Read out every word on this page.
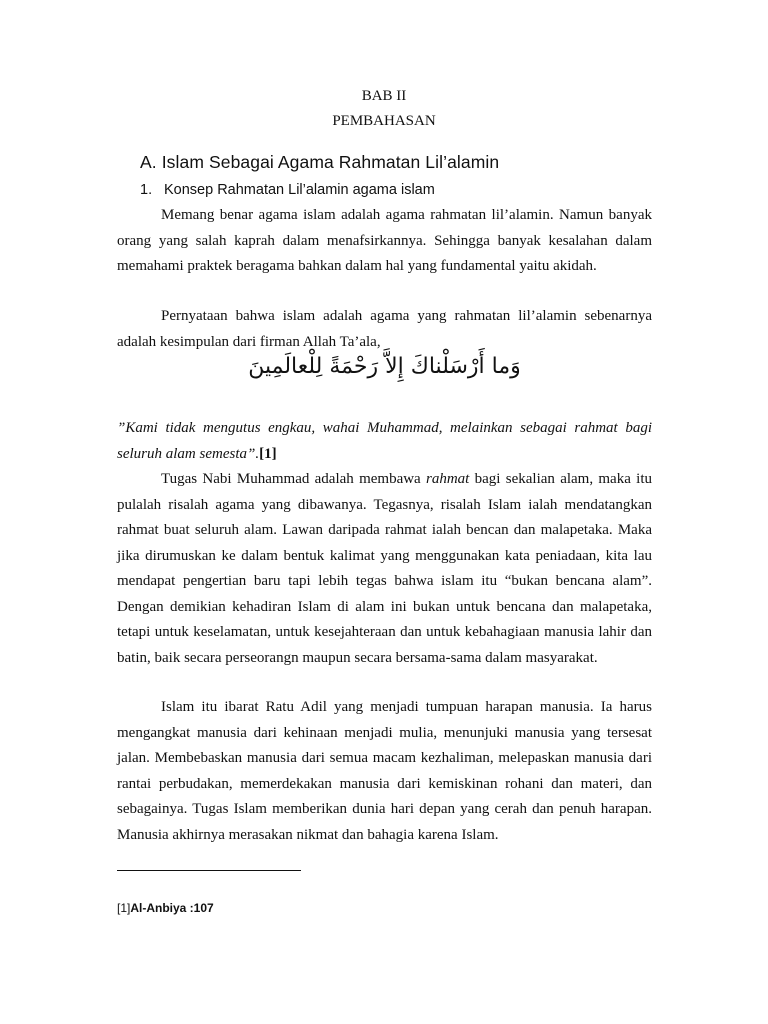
BAB II
PEMBAHASAN
A. Islam Sebagai Agama Rahmatan Lil’alamin
1. Konsep Rahmatan Lil’alamin agama islam

Memang benar agama islam adalah agama rahmatan lil’alamin. Namun banyak orang yang salah kaprah dalam menafsirkannya. Sehingga banyak kesalahan dalam memahami praktek beragama bahkan dalam hal yang fundamental yaitu akidah.

Pernyataan bahwa islam adalah agama yang rahmatan lil’alamin sebenarnya adalah kesimpulan dari firman Allah Ta’ala,

وَما أَرْسَلْناكَ إِلاَّ رَحْمَةً لِلْعالَمِينَ

”Kami tidak mengutus engkau, wahai Muhammad, melainkan sebagai rahmat bagi seluruh alam semesta”.[1]

Tugas Nabi Muhammad adalah membawa rahmat bagi sekalian alam, maka itu pulalah risalah agama yang dibawanya. Tegasnya, risalah Islam ialah mendatangkan rahmat buat seluruh alam. Lawan daripada rahmat ialah bencan dan malapetaka. Maka jika dirumuskan ke dalam bentuk kalimat yang menggunakan kata peniadaan, kita lau mendapat pengertian baru tapi lebih tegas bahwa islam itu “bukan bencana alam”. Dengan demikian kehadiran Islam di alam ini bukan untuk bencana dan malapetaka, tetapi untuk keselamatan, untuk kesejahteraan dan untuk kebahagiaan manusia lahir dan batin, baik secara perseorangn maupun secara bersama-sama dalam masyarakat.

Islam itu ibarat Ratu Adil yang menjadi tumpuan harapan manusia. Ia harus mengangkat manusia dari kehinaan menjadi mulia, menunjuki manusia yang tersesat jalan. Membebaskan manusia dari semua macam kezhaliman, melepaskan manusia dari rantai perbudakan, memerdekakan manusia dari kemiskinan rohani dan materi, dan sebagainya. Tugas Islam memberikan dunia hari depan yang cerah dan penuh harapan. Manusia akhirnya merasakan nikmat dan bahagia karena Islam.

[1]Al-Anbiya :107
